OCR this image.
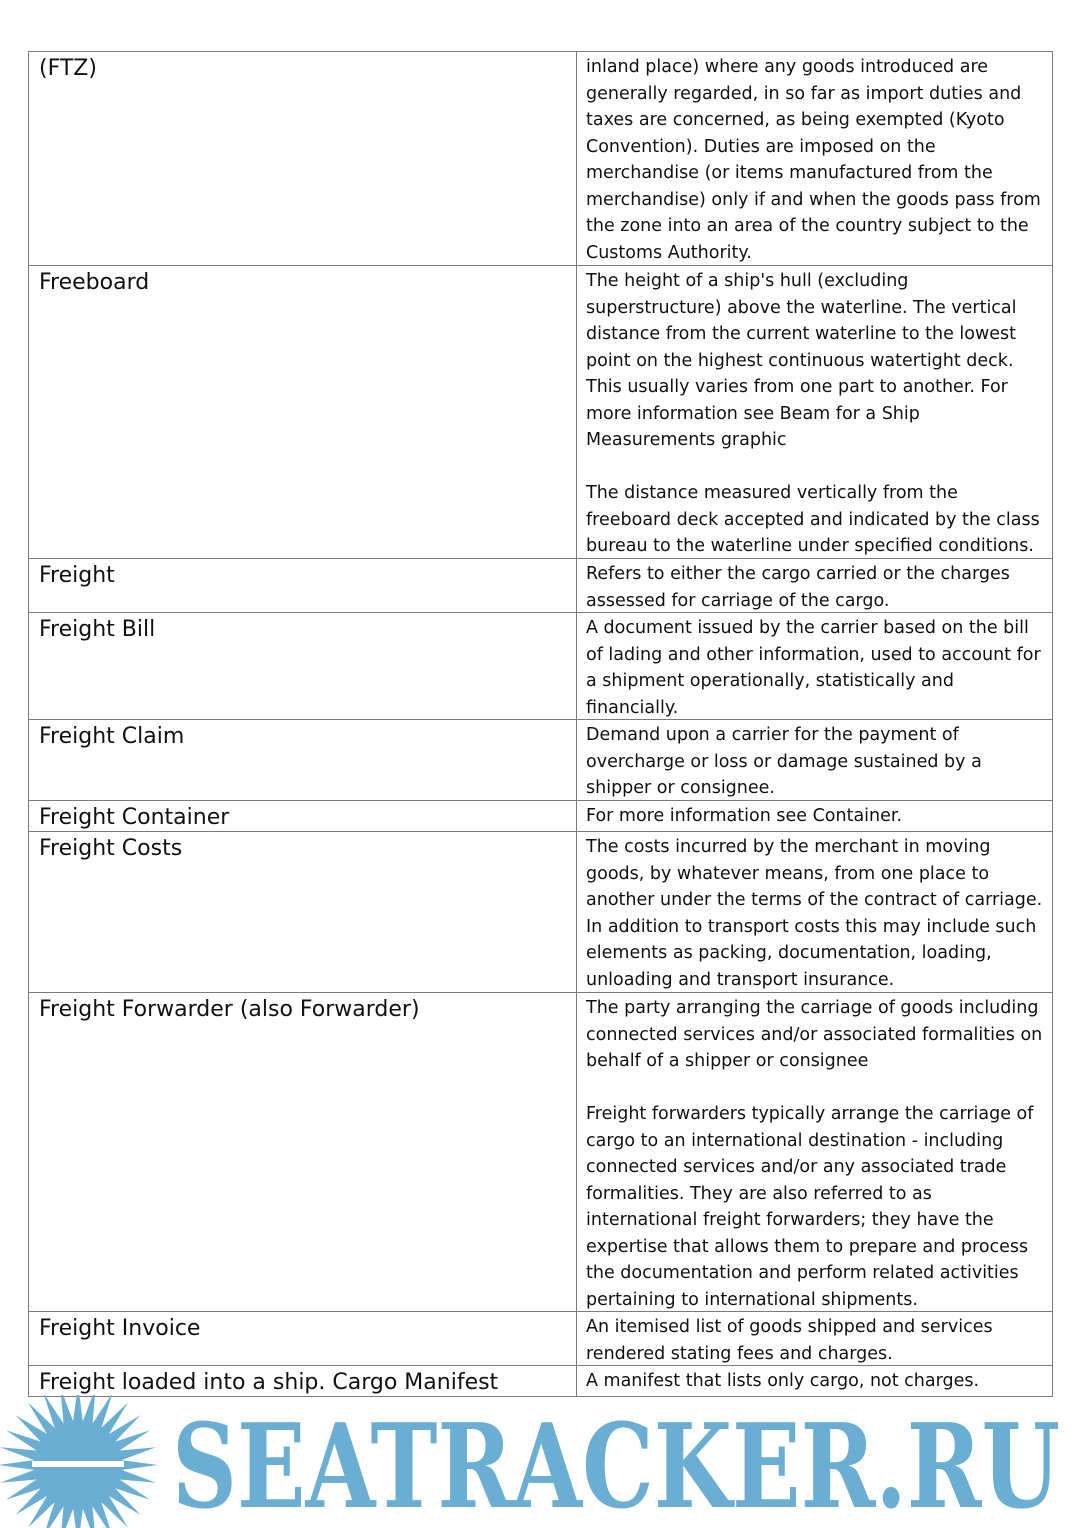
(FTZ)	inland place) where any goods introduced are generally regarded, in so far as import duties and taxes are concerned, as being exempted (Kyoto Convention). Duties are imposed on the merchandise (or items manufactured from the merchandise) only if and when the goods pass from the zone into an area of the country subject to the Customs Authority.

Freeboard	The height of a ship's hull (excluding superstructure) above the waterline. The vertical distance from the current waterline to the lowest point on the highest continuous watertight deck. This usually varies from one part to another. For more information see Beam for a Ship Measurements graphic

The distance measured vertically from the freeboard deck accepted and indicated by the class bureau to the waterline under specified conditions.

Freight	Refers to either the cargo carried or the charges assessed for carriage of the cargo.

Freight Bill	A document issued by the carrier based on the bill of lading and other information, used to account for a shipment operationally, statistically and financially.

Freight Claim	Demand upon a carrier for the payment of overcharge or loss or damage sustained by a shipper or consignee.

Freight Container	For more information see Container.

Freight Costs	The costs incurred by the merchant in moving goods, by whatever means, from one place to another under the terms of the contract of carriage. In addition to transport costs this may include such elements as packing, documentation, loading, unloading and transport insurance.

Freight Forwarder (also Forwarder)	The party arranging the carriage of goods including connected services and/or associated formalities on behalf of a shipper or consignee

Freight forwarders typically arrange the carriage of cargo to an international destination - including connected services and/or any associated trade formalities. They are also referred to as international freight forwarders; they have the expertise that allows them to prepare and process the documentation and perform related activities pertaining to international shipments.

Freight Invoice	An itemised list of goods shipped and services rendered stating fees and charges.

Freight loaded into a ship. Cargo Manifest	A manifest that lists only cargo, not charges.

SEATRACKER.RU
